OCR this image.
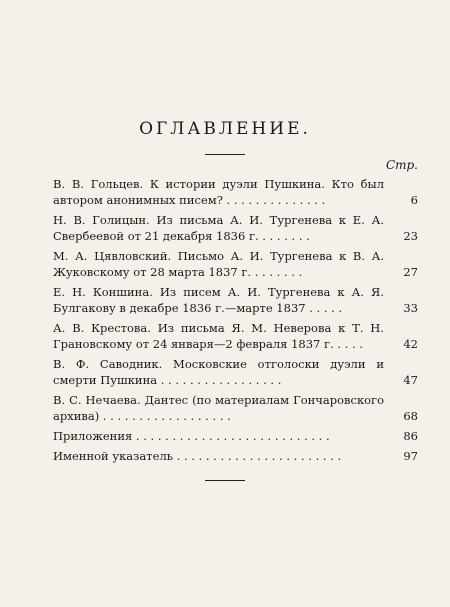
ОГЛАВЛЕНИЕ.
Стр.
В. В. Гольцев. К истории дуэли Пушкина. Кто был автором анонимных писем? . . . . . . . . . . . . . .	6
Н. В. Голицын. Из письма А. И. Тургенева к Е. А. Свербеевой от 21 декабря 1836 г. . . . . . . .	23
М. А. Цявловский. Письмо А. И. Тургенева к В. А. Жуковскому от 28 марта 1837 г. . . . . . . .	27
Е. Н. Коншина. Из писем А. И. Тургенева к А. Я. Булгакову в декабре 1836 г.—марте 1837 . . . . .	33
А. В. Крестова. Из письма Я. М. Неверова к Т. Н. Грановскому от 24 января—2 февраля 1837 г. . . . .	42
В. Ф. Саводник. Московские отголоски дуэли и смерти Пушкина . . . . . . . . . . . . . . . . .	47
В. С. Нечаева. Дантес (по материалам Гончаровского архива) . . . . . . . . . . . . . . . . . .	68
Приложения . . . . . . . . . . . . . . . . . . . . . . . . . . .	86
Именной указатель . . . . . . . . . . . . . . . . . . . . . . .	97
